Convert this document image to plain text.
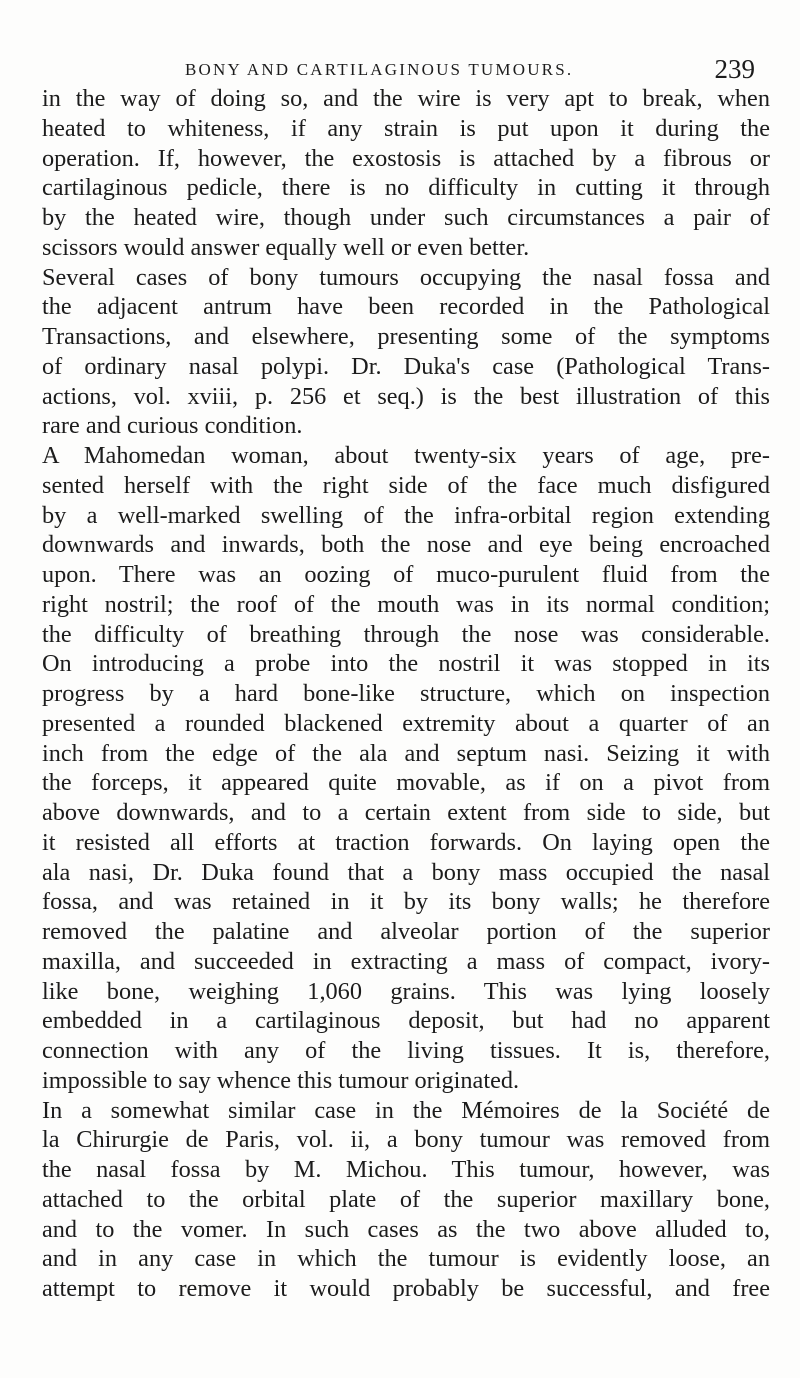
BONY AND CARTILAGINOUS TUMOURS.	239
in the way of doing so, and the wire is very apt to break, when
heated to whiteness, if any strain is put upon it during the
operation. If, however, the exostosis is attached by a fibrous or
cartilaginous pedicle, there is no difficulty in cutting it through
by the heated wire, though under such circumstances a pair of
scissors would answer equally well or even better.
Several cases of bony tumours occupying the nasal fossa and
the adjacent antrum have been recorded in the Pathological
Transactions, and elsewhere, presenting some of the symptoms
of ordinary nasal polypi. Dr. Duka's case (Pathological Trans-
actions, vol. xviii, p. 256 et seq.) is the best illustration of this
rare and curious condition.
A Mahomedan woman, about twenty-six years of age, pre-
sented herself with the right side of the face much disfigured
by a well-marked swelling of the infra-orbital region extending
downwards and inwards, both the nose and eye being encroached
upon. There was an oozing of muco-purulent fluid from the
right nostril; the roof of the mouth was in its normal condition;
the difficulty of breathing through the nose was considerable.
On introducing a probe into the nostril it was stopped in its
progress by a hard bone-like structure, which on inspection
presented a rounded blackened extremity about a quarter of an
inch from the edge of the ala and septum nasi. Seizing it with
the forceps, it appeared quite movable, as if on a pivot from
above downwards, and to a certain extent from side to side, but
it resisted all efforts at traction forwards. On laying open the
ala nasi, Dr. Duka found that a bony mass occupied the nasal
fossa, and was retained in it by its bony walls; he therefore
removed the palatine and alveolar portion of the superior
maxilla, and succeeded in extracting a mass of compact, ivory-
like bone, weighing 1,060 grains. This was lying loosely
embedded in a cartilaginous deposit, but had no apparent
connection with any of the living tissues. It is, therefore,
impossible to say whence this tumour originated.
In a somewhat similar case in the Mémoires de la Société de
la Chirurgie de Paris, vol. ii, a bony tumour was removed from
the nasal fossa by M. Michou. This tumour, however, was
attached to the orbital plate of the superior maxillary bone,
and to the vomer. In such cases as the two above alluded to,
and in any case in which the tumour is evidently loose, an
attempt to remove it would probably be successful, and free
